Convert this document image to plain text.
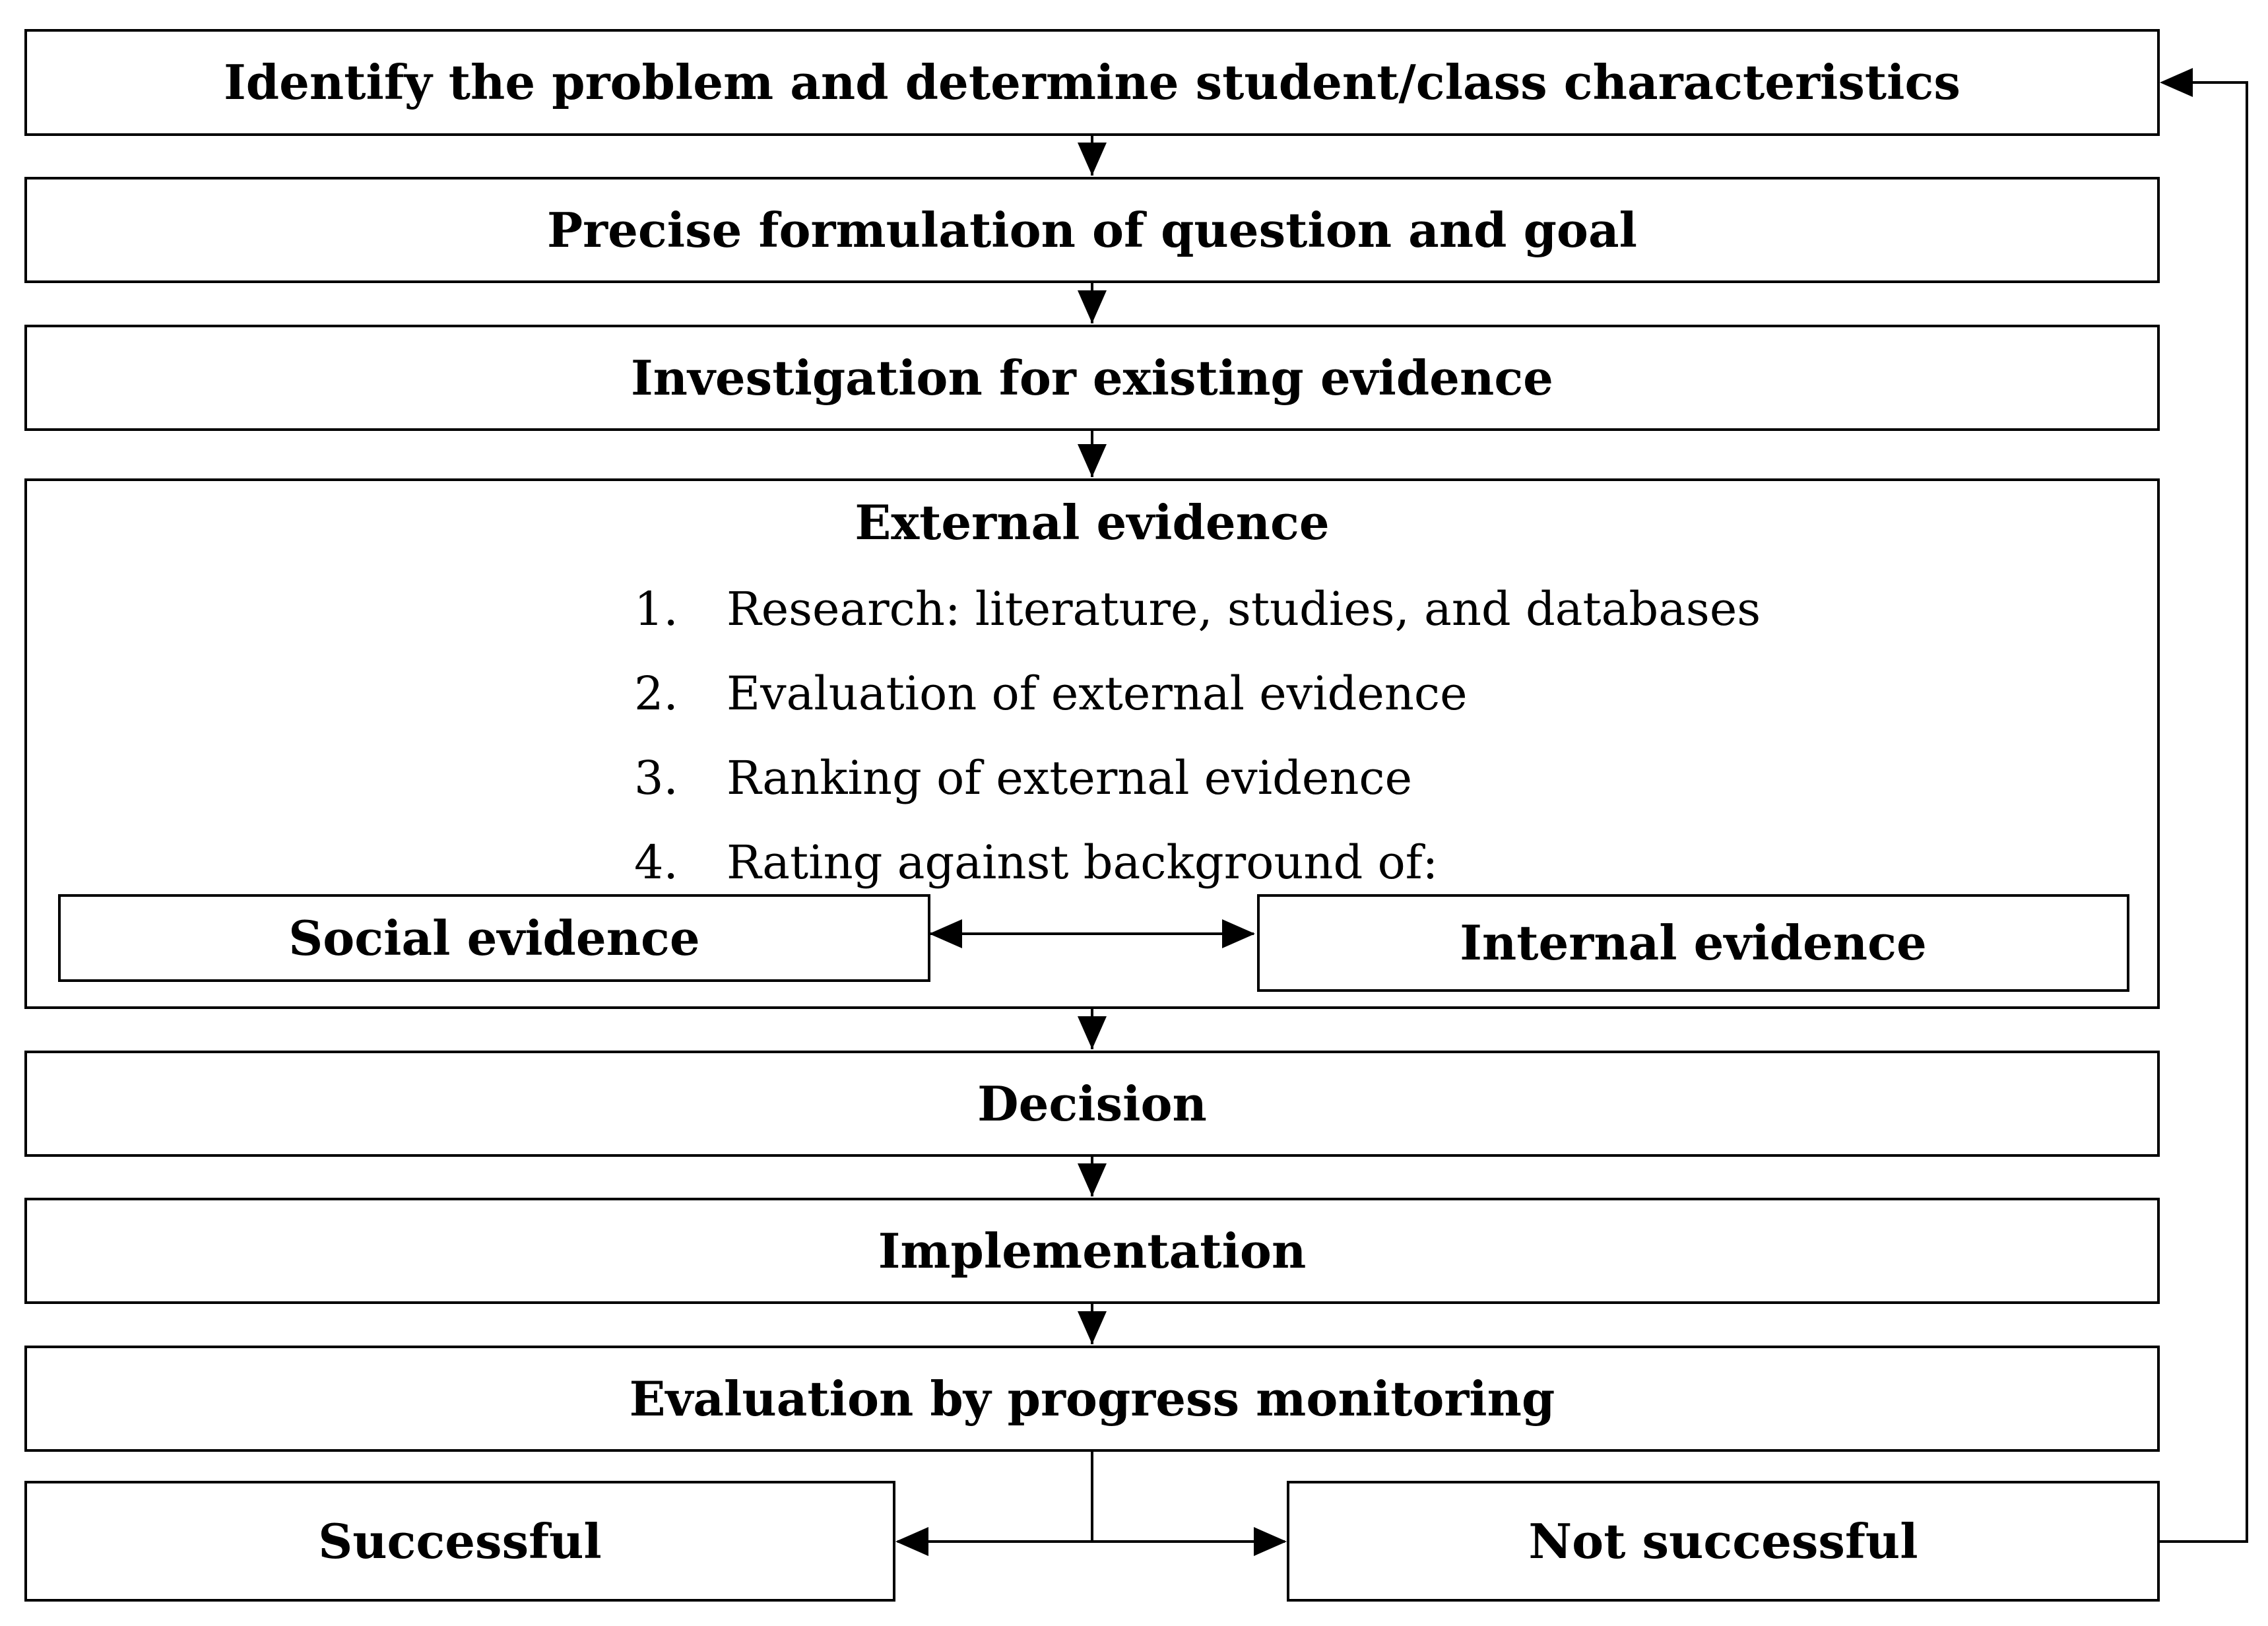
Identify the problem and determine student/class characteristics
Precise formulation of question and goal
Investigation for existing evidence
External evidence
1.	Research: literature, studies, and databases
2.	Evaluation of external evidence
3.	Ranking of external evidence
4.	Rating against background of:
Social evidence	Internal evidence
Decision
Implementation
Evaluation by progress monitoring
Successful	Not successful
